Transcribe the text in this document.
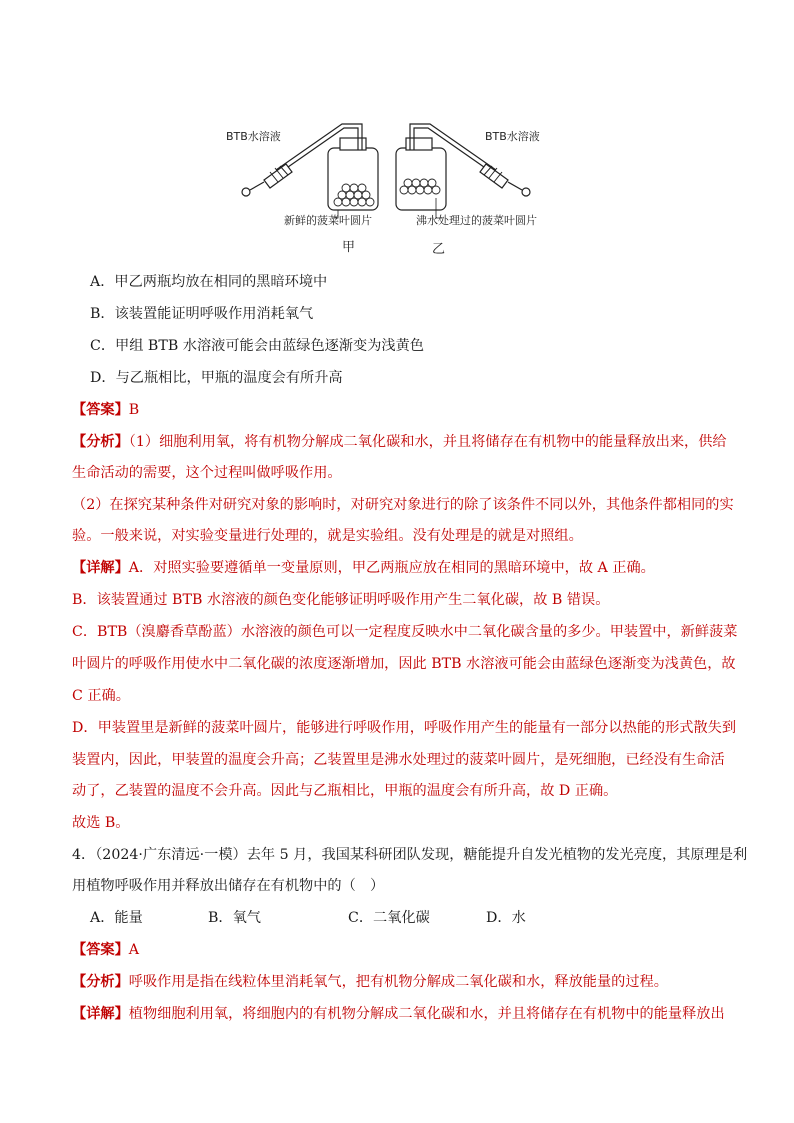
BTB水溶液	BTB水溶液
新鲜的菠菜叶圆片	沸水处理过的菠菜叶圆片
甲	乙
A．甲乙两瓶均放在相同的黑暗环境中
B．该装置能证明呼吸作用消耗氧气
C．甲组 BTB 水溶液可能会由蓝绿色逐渐变为浅黄色
D．与乙瓶相比，甲瓶的温度会有所升高
【答案】B
【分析】（1）细胞利用氧，将有机物分解成二氧化碳和水，并且将储存在有机物中的能量释放出来，供给
生命活动的需要，这个过程叫做呼吸作用。
（2）在探究某种条件对研究对象的影响时，对研究对象进行的除了该条件不同以外，其他条件都相同的实
验。一般来说，对实验变量进行处理的，就是实验组。没有处理是的就是对照组。
【详解】A．对照实验要遵循单一变量原则，甲乙两瓶应放在相同的黑暗环境中，故 A 正确。
B．该装置通过 BTB 水溶液的颜色变化能够证明呼吸作用产生二氧化碳，故 B 错误。
C．BTB（溴麝香草酚蓝）水溶液的颜色可以一定程度反映水中二氧化碳含量的多少。甲装置中，新鲜菠菜
叶圆片的呼吸作用使水中二氧化碳的浓度逐渐增加，因此 BTB 水溶液可能会由蓝绿色逐渐变为浅黄色，故
C 正确。
D．甲装置里是新鲜的菠菜叶圆片，能够进行呼吸作用，呼吸作用产生的能量有一部分以热能的形式散失到
装置内，因此，甲装置的温度会升高；乙装置里是沸水处理过的菠菜叶圆片，是死细胞，已经没有生命活
动了，乙装置的温度不会升高。因此与乙瓶相比，甲瓶的温度会有所升高，故 D 正确。
故选 B。
4．（2024·广东清远·一模）去年 5 月，我国某科研团队发现，糖能提升自发光植物的发光亮度，其原理是利
用植物呼吸作用并释放出储存在有机物中的（　）
A．能量	B．氧气	C．二氧化碳	D．水
【答案】A
【分析】呼吸作用是指在线粒体里消耗氧气，把有机物分解成二氧化碳和水，释放能量的过程。
【详解】植物细胞利用氧，将细胞内的有机物分解成二氧化碳和水，并且将储存在有机物中的能量释放出
